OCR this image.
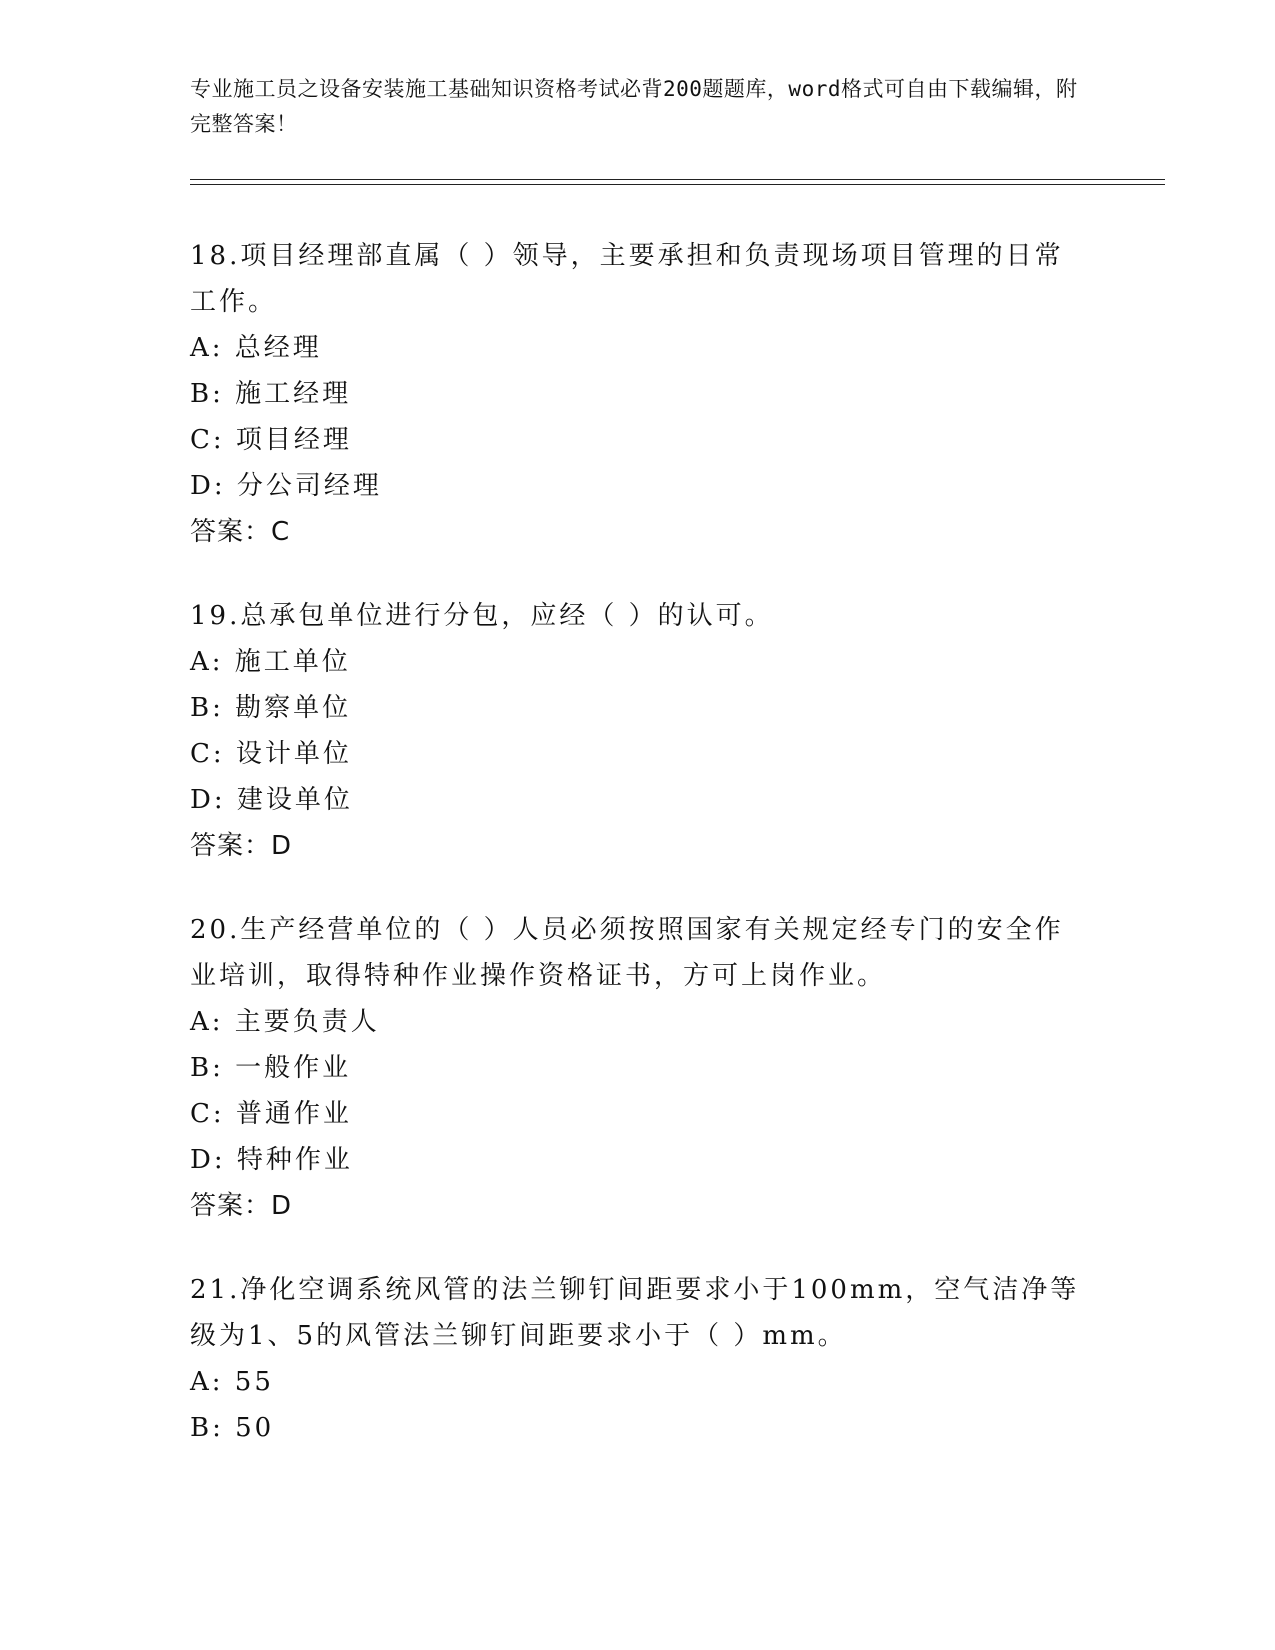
专业施工员之设备安装施工基础知识资格考试必背200题题库，word格式可自由下载编辑，附完整答案！
18.项目经理部直属（ ）领导，主要承担和负责现场项目管理的日常工作。
A: 总经理
B: 施工经理
C: 项目经理
D: 分公司经理
答案：C
19.总承包单位进行分包，应经（ ）的认可。
A: 施工单位
B: 勘察单位
C: 设计单位
D: 建设单位
答案：D
20.生产经营单位的（ ）人员必须按照国家有关规定经专门的安全作业培训，取得特种作业操作资格证书，方可上岗作业。
A: 主要负责人
B: 一般作业
C: 普通作业
D: 特种作业
答案：D
21.净化空调系统风管的法兰铆钉间距要求小于100mm，空气洁净等级为1、5的风管法兰铆钉间距要求小于（ ）mm。
A: 55
B: 50
